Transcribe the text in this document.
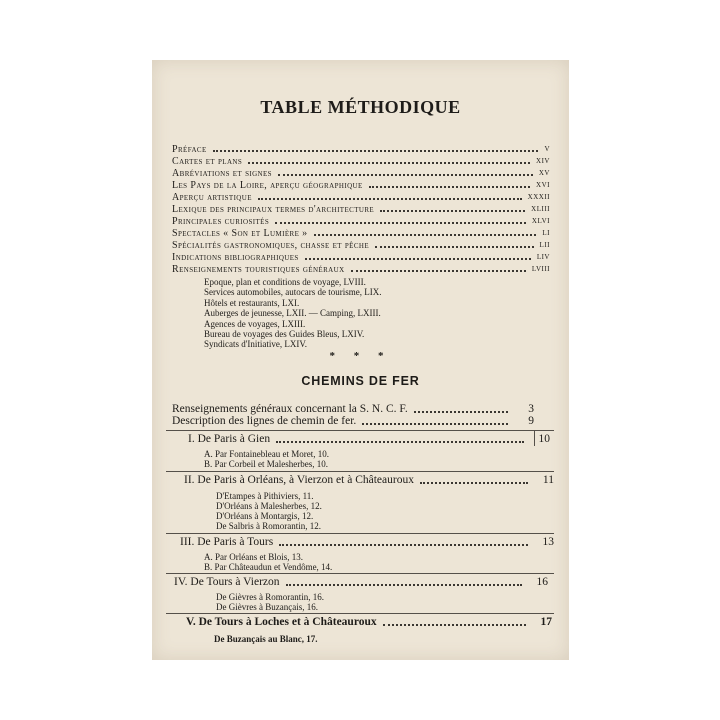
TABLE MÉTHODIQUE
Préface	v
Cartes et plans	xiv
Abréviations et signes	xv
Les Pays de la Loire, aperçu géographique	xvi
Aperçu artistique	xxxii
Lexique des principaux termes d'architecture	xliii
Principales curiosités	xlvi
Spectacles « Son et Lumière »	li
Spécialités gastronomiques, chasse et pêche	lii
Indications bibliographiques	liv
Renseignements touristiques généraux	lviii
Epoque, plan et conditions de voyage, LVIII.
Services automobiles, autocars de tourisme, LIX.
Hôtels et restaurants, LXI.
Auberges de jeunesse, LXII. — Camping, LXIII.
Agences de voyages, LXIII.
Bureau de voyages des Guides Bleus, LXIV.
Syndicats d'Initiative, LXIV.
* * *
CHEMINS DE FER
Renseignements généraux concernant la S. N. C. F.	3
Description des lignes de chemin de fer.	9
I. De Paris à Gien	10
A. Par Fontainebleau et Moret, 10.
B. Par Corbeil et Malesherbes, 10.
II. De Paris à Orléans, à Vierzon et à Châteauroux	11
D'Etampes à Pithiviers, 11.
D'Orléans à Malesherbes, 12.
D'Orléans à Montargis, 12.
De Salbris à Romorantin, 12.
III. De Paris à Tours	13
A. Par Orléans et Blois, 13.
B. Par Châteaudun et Vendôme, 14.
IV. De Tours à Vierzon	16
De Gièvres à Romorantin, 16.
De Gièvres à Buzançais, 16.
V. De Tours à Loches et à Châteauroux	17
De Buzançais au Blanc, 17.
